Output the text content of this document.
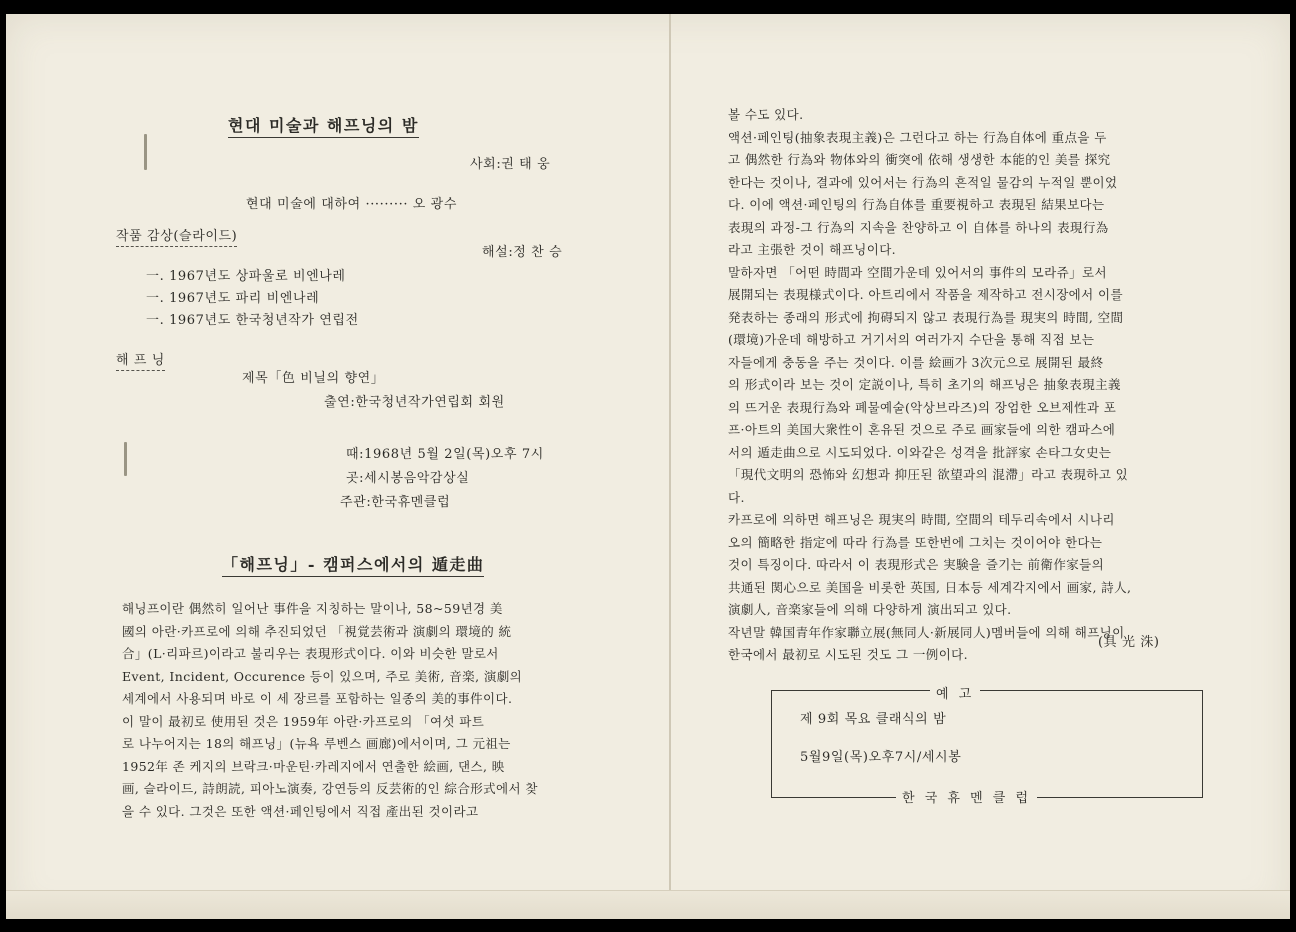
현대 미술과 해프닝의 밤
사회:권 태 웅
현대 미술에 대하여 ········· 오 광수
작품 감상(슬라이드)
해설:정 찬 승
一. 1967년도 상파울로 비엔나레
一. 1967년도 파리 비엔나레
一. 1967년도 한국청년작가 연립전
해 프 닝
제목「色 비닐의 향연」
출연:한국청년작가연립회 회원
때:1968년 5월 2일(목)오후 7시
곳:세시봉음악감상실
주관:한국휴멘클럽
「해프닝」- 캠퍼스에서의 遁走曲
해닝프이란 偶然히 일어난 事件을 지칭하는 말이나, 58~59년경 美
國의 아란·카프로에 의해 추진되었던 「視覚芸術과 演劇의 環境的 統
合」(L·리파르)이라고 불리우는 表現形式이다. 이와 비슷한 말로서
Event, Incident, Occurence 등이 있으며, 주로 美術, 音楽, 演劇의
세계에서 사용되며 바로 이 세 장르를 포함하는 일종의 美的事件이다.
이 말이 最初로 使用된 것은 1959年 아란·카프로의 「여섯 파트
로 나누어지는 18의 해프닝」(뉴욕 루벤스 画廊)에서이며, 그 元祖는
1952年 존 케지의 브락크·마운틴·카레지에서 연출한 絵画, 댄스, 映
画, 슬라이드, 詩朗読, 피아노演奏, 강연등의 反芸術的인 綜合形式에서 찾
을 수 있다. 그것은 또한 액션·페인팅에서 직접 產出된 것이라고
볼 수도 있다.
액션·페인팅(抽象表現主義)은 그런다고 하는 行為自体에 重点을 두
고 偶然한 行為와 物体와의 衝突에 依해 생생한 本能的인 美를 探究
한다는 것이나, 결과에 있어서는 行為의 흔적일 물감의 누적일 뿐이었
다. 이에 액션·페인팅의 行為自体를 重要視하고 表現된 結果보다는
表現의 과정-그 行為의 지속을 찬양하고 이 自体를 하나의 表現行為
라고 主張한 것이 해프닝이다.
말하자면 「어떤 時間과 空間가운데 있어서의 事件의 모라쥬」로서
展開되는 表現様式이다. 아트리에서 작품을 제작하고 전시장에서 이를
発表하는 종래의 形式에 拘碍되지 않고 表現行為를 現実의 時間, 空間
(環境)가운데 해방하고 거기서의 여러가지 수단을 통해 직접 보는
자들에게 충동을 주는 것이다. 이를 絵画가 3次元으로 展開된 最終
의 形式이라 보는 것이 定説이나, 특히 초기의 해프닝은 抽象表現主義
의 뜨거운 表現行為와 폐물예술(악상브라즈)의 장엄한 오브제性과 포
프·아트의 美国大衆性이 혼유된 것으로 주로 画家들에 의한 캠파스에
서의 遁走曲으로 시도되었다. 이와같은 성격을 批評家 손타그女史는
「現代文明의 恐怖와 幻想과 抑圧된 欲望과의 混滯」라고 表現하고 있
다.
카프로에 의하면 해프닝은 現実의 時間, 空間의 테두리속에서 시나리
오의 簡略한 指定에 따라 行為를 또한번에 그치는 것이어야 한다는
것이 특징이다. 따라서 이 表現形式은 実験을 즐기는 前衛作家들의
共通된 関心으로 美国을 비롯한 英国, 日本등 세계각지에서 画家, 詩人,
演劇人, 音楽家들에 의해 다양하게 演出되고 있다.
작년말 韓国青年作家聯立展(無同人·新展同人)멤버들에 의해 해프닝이
한국에서 最初로 시도된 것도 그 一例이다.
(具 光 洙)
예 고
제 9회 목요 클래식의 밤
5월9일(목)오후7시/세시봉
한 국 휴 멘 클 럽
